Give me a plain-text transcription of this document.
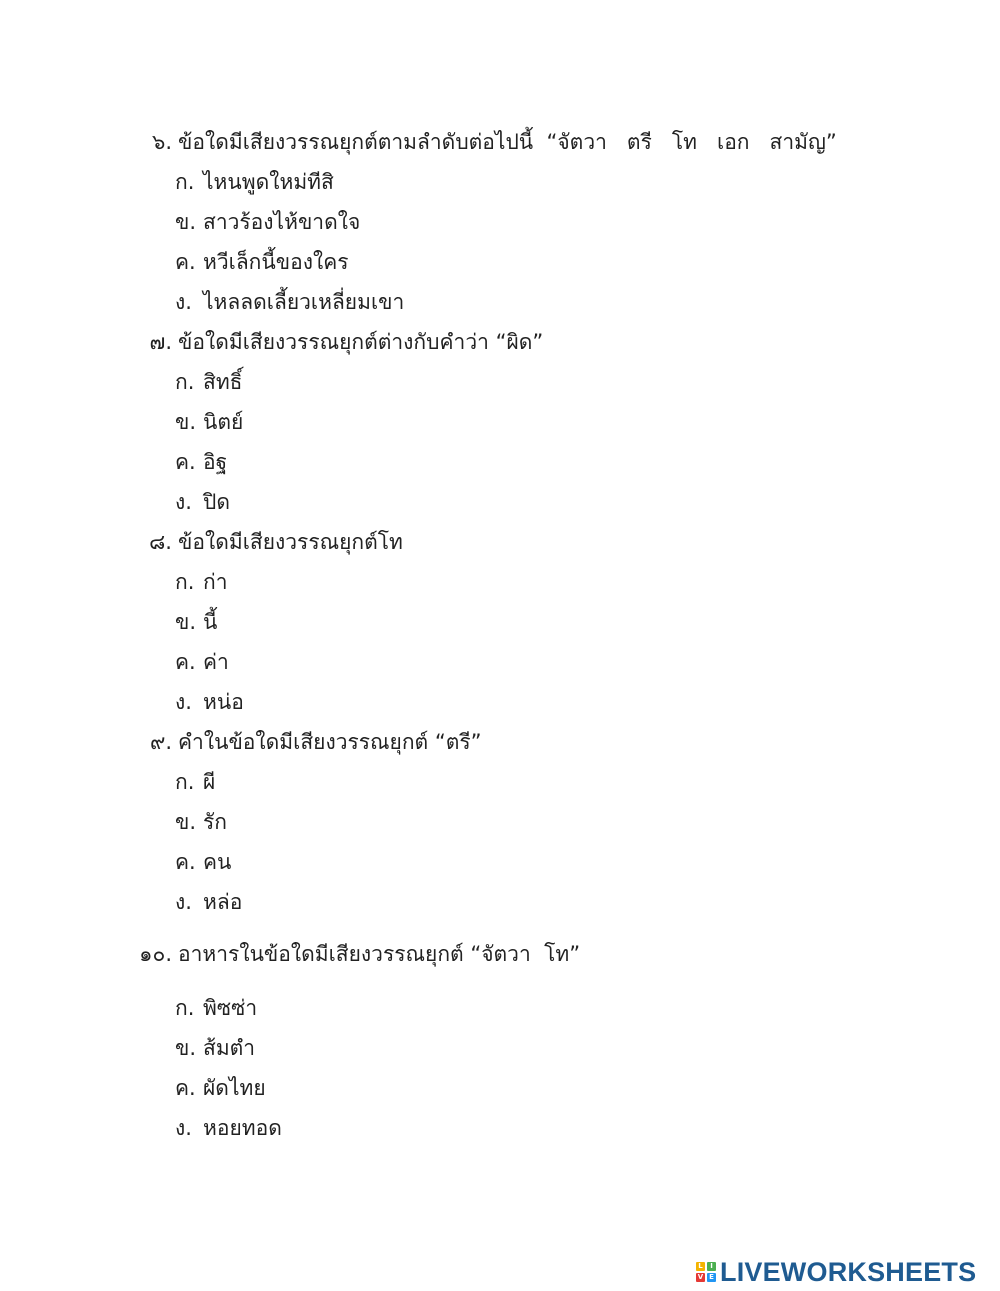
๖. ข้อใดมีเสียงวรรณยุกต์ตามลำดับต่อไปนี้  “จัตวา   ตรี   โท   เอก   สามัญ”
ก. ไหนพูดใหม่ทีสิ
ข. สาวร้องไห้ขาดใจ
ค. หวีเล็กนี้ของใคร
ง. ไหลลดเลี้ยวเหลี่ยมเขา
๗. ข้อใดมีเสียงวรรณยุกต์ต่างกับคำว่า “ผิด”
ก. สิทธิ์
ข. นิตย์
ค. อิฐ
ง. ปิด
๘. ข้อใดมีเสียงวรรณยุกต์โท
ก. ก่า
ข. นี้
ค. ค่า
ง. หน่อ
๙. คำในข้อใดมีเสียงวรรณยุกต์ “ตรี”
ก. ผี
ข. รัก
ค. คน
ง. หล่อ
๑๐. อาหารในข้อใดมีเสียงวรรณยุกต์ “จัตวา  โท”
ก. พิซซ่า
ข. ส้มตำ
ค. ผัดไทย
ง. หอยทอด
L	I
V E LIVEWORKSHEETS
